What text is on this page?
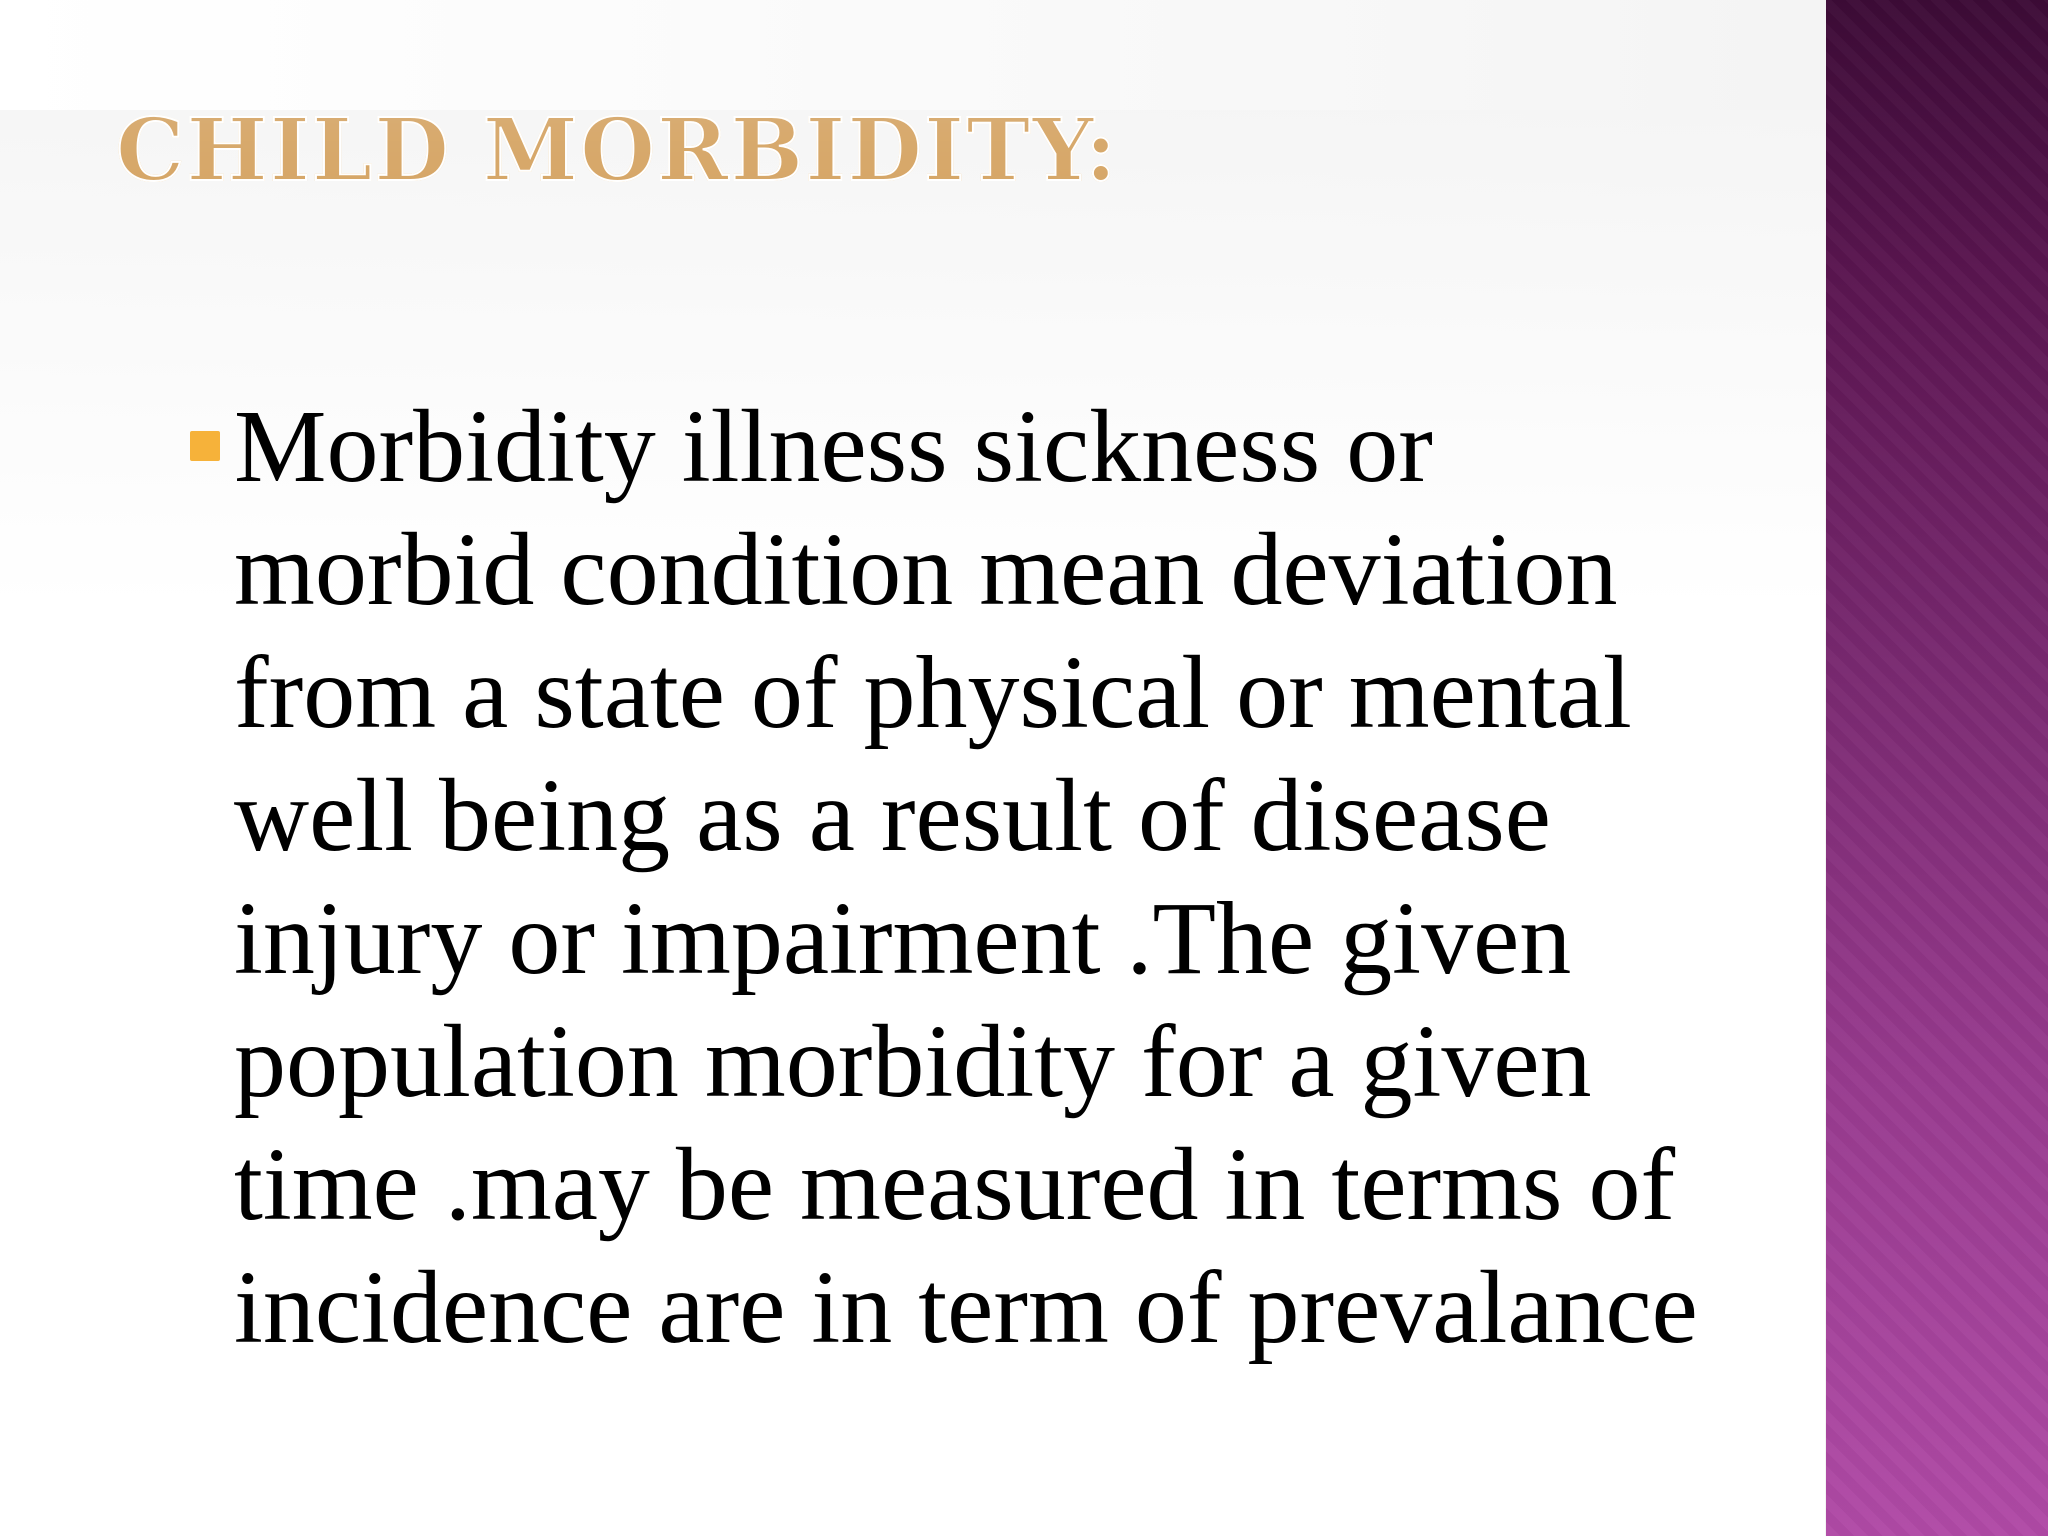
CHILD MORBIDITY:
Morbidity illness sickness or morbid condition mean deviation from a state of physical or mental well being as a result of disease injury or impairment .The given population morbidity for a given time .may be measured in terms of incidence are in term of prevalance
